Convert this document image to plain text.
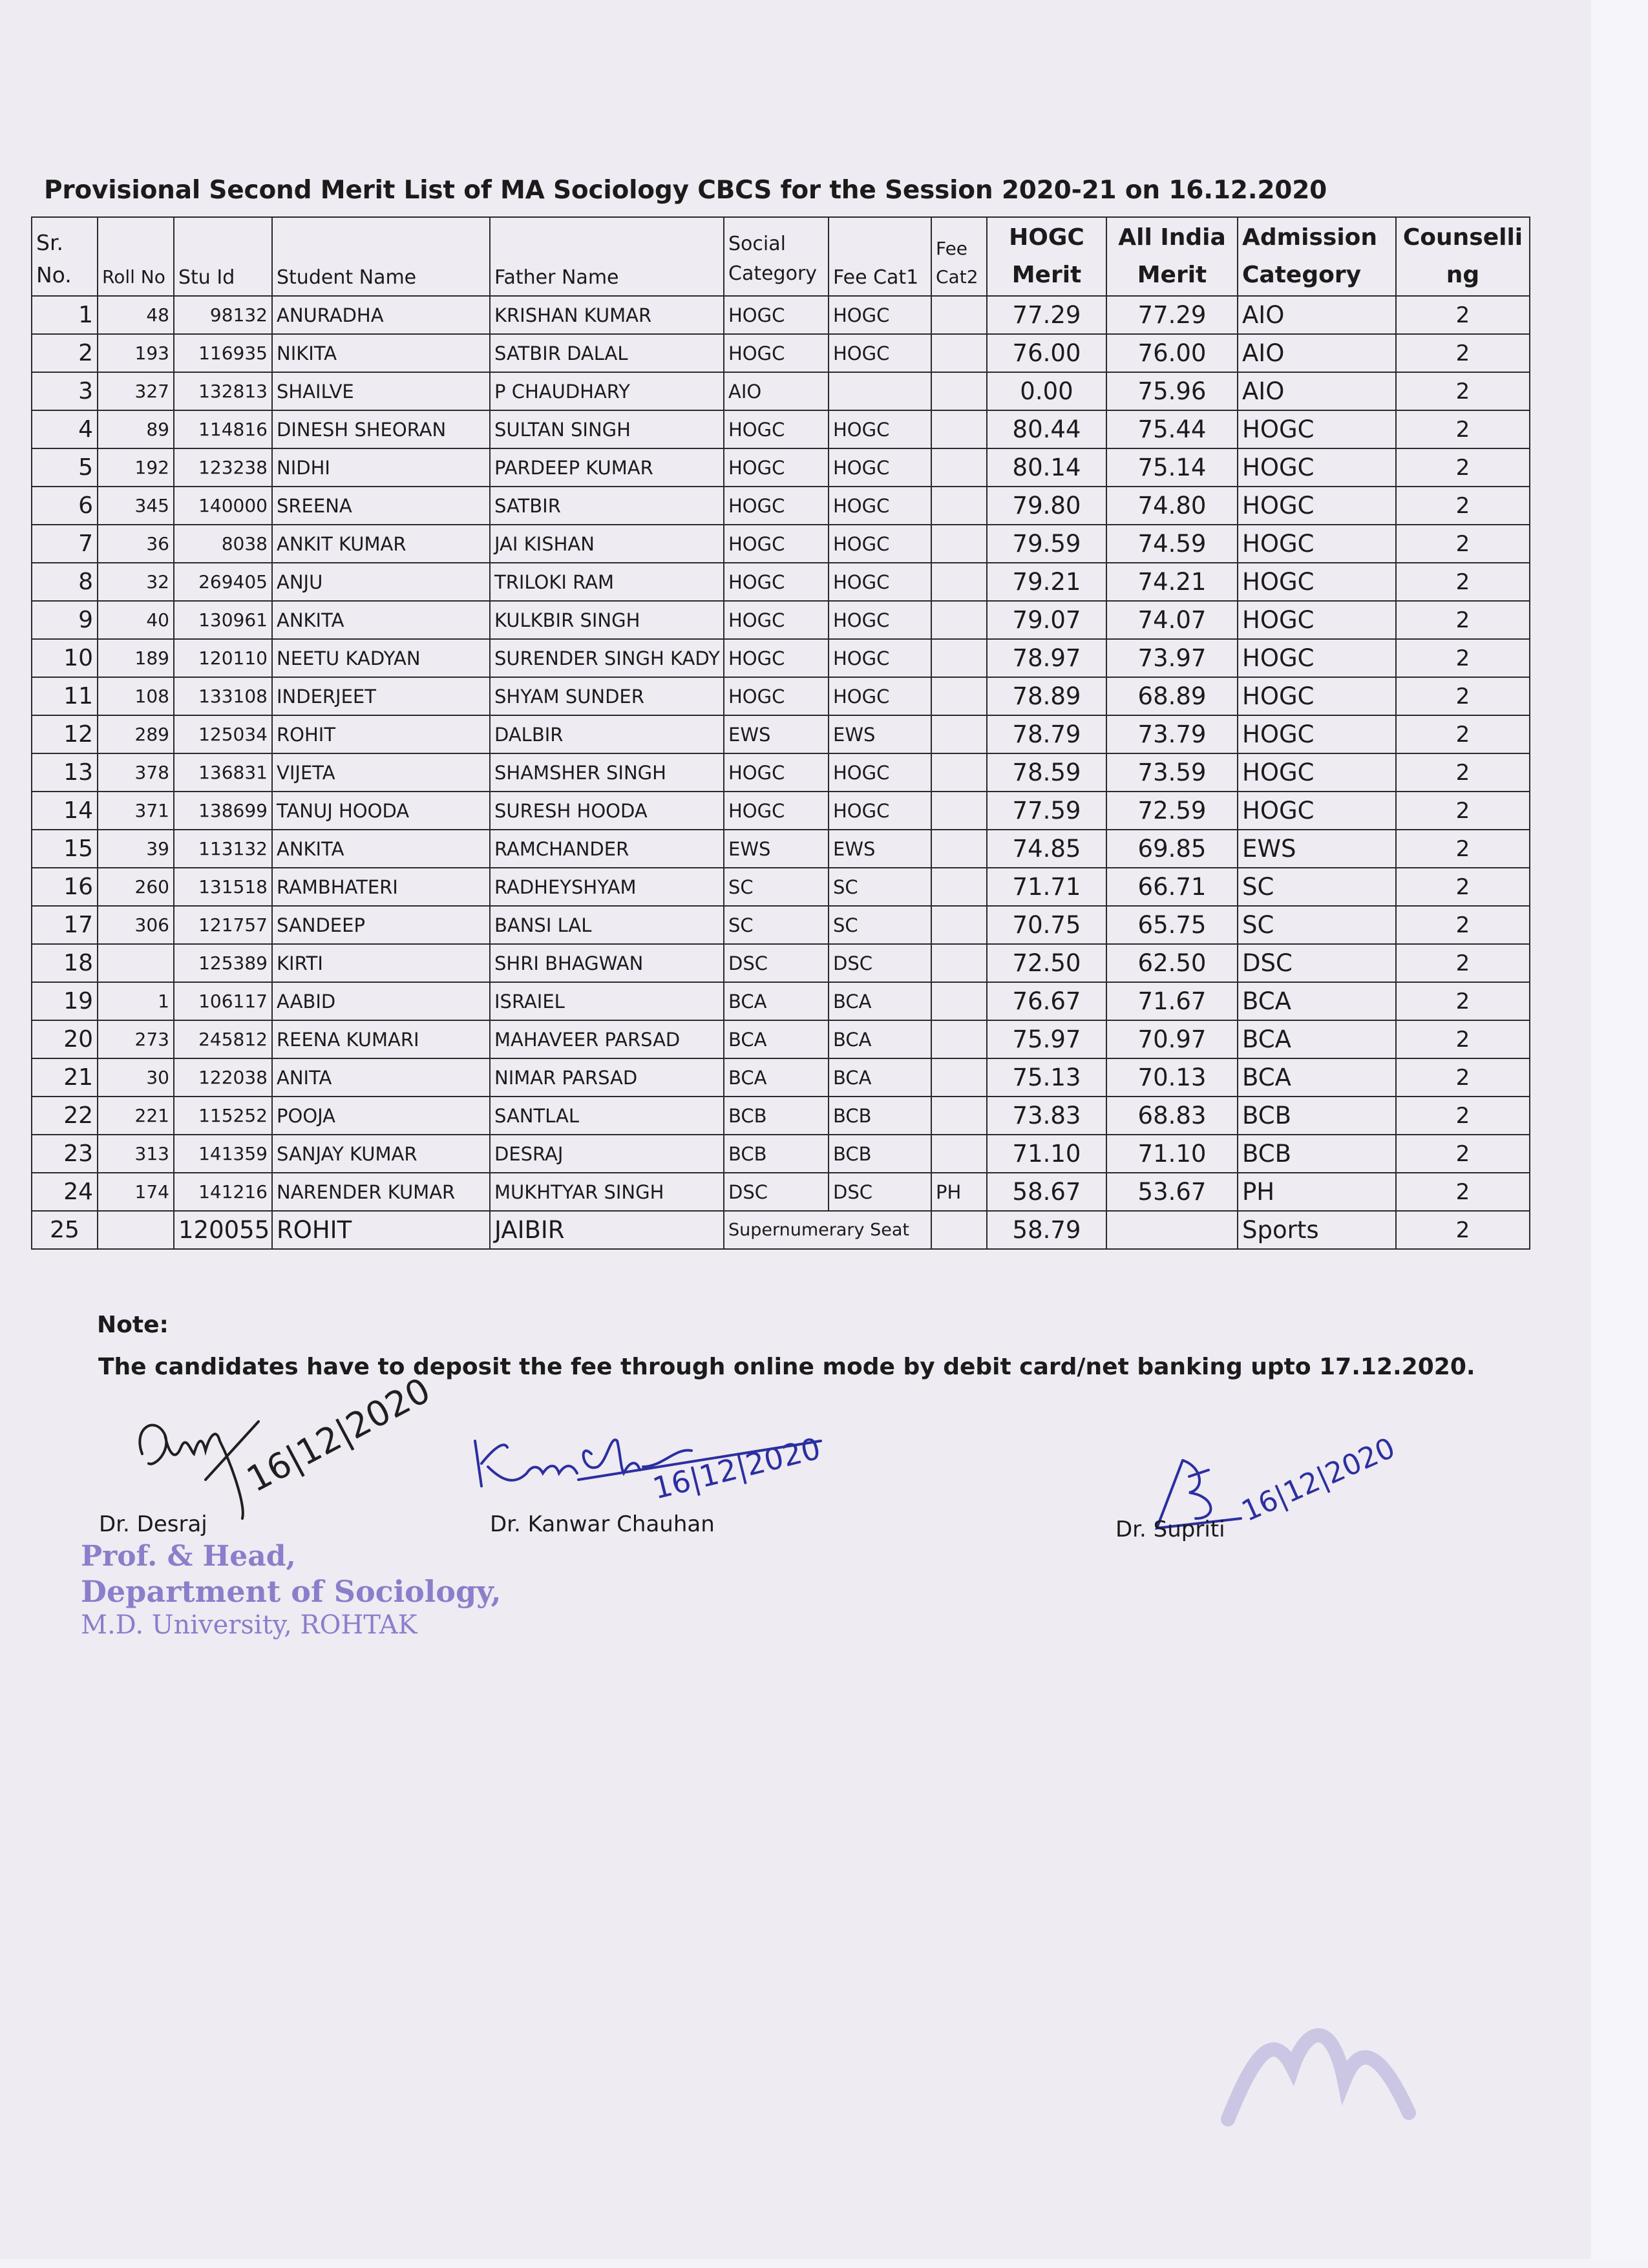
Provisional Second Merit List of MA Sociology CBCS for the Session 2020-21 on 16.12.2020
Sr. No.	Roll No	Stu Id	Student Name	Father Name	Social Category	Fee Cat1	Fee Cat2	HOGC Merit	All India Merit	Admission Category	Counselling
1	48	98132	ANURADHA	KRISHAN KUMAR	HOGC	HOGC		77.29	77.29	AIO	2
2	193	116935	NIKITA	SATBIR DALAL	HOGC	HOGC		76.00	76.00	AIO	2
3	327	132813	SHAILVE	P CHAUDHARY	AIO			0.00	75.96	AIO	2
4	89	114816	DINESH SHEORAN	SULTAN SINGH	HOGC	HOGC		80.44	75.44	HOGC	2
5	192	123238	NIDHI	PARDEEP KUMAR	HOGC	HOGC		80.14	75.14	HOGC	2
6	345	140000	SREENA	SATBIR	HOGC	HOGC		79.80	74.80	HOGC	2
7	36	8038	ANKIT KUMAR	JAI KISHAN	HOGC	HOGC		79.59	74.59	HOGC	2
8	32	269405	ANJU	TRILOKI RAM	HOGC	HOGC		79.21	74.21	HOGC	2
9	40	130961	ANKITA	KULKBIR SINGH	HOGC	HOGC		79.07	74.07	HOGC	2
10	189	120110	NEETU KADYAN	SURENDER SINGH KADY	HOGC	HOGC		78.97	73.97	HOGC	2
11	108	133108	INDERJEET	SHYAM SUNDER	HOGC	HOGC		78.89	68.89	HOGC	2
12	289	125034	ROHIT	DALBIR	EWS	EWS		78.79	73.79	HOGC	2
13	378	136831	VIJETA	SHAMSHER SINGH	HOGC	HOGC		78.59	73.59	HOGC	2
14	371	138699	TANUJ HOODA	SURESH HOODA	HOGC	HOGC		77.59	72.59	HOGC	2
15	39	113132	ANKITA	RAMCHANDER	EWS	EWS		74.85	69.85	EWS	2
16	260	131518	RAMBHATERI	RADHEYSHYAM	SC	SC		71.71	66.71	SC	2
17	306	121757	SANDEEP	BANSI LAL	SC	SC		70.75	65.75	SC	2
18		125389	KIRTI	SHRI BHAGWAN	DSC	DSC		72.50	62.50	DSC	2
19	1	106117	AABID	ISRAIEL	BCA	BCA		76.67	71.67	BCA	2
20	273	245812	REENA KUMARI	MAHAVEER PARSAD	BCA	BCA		75.97	70.97	BCA	2
21	30	122038	ANITA	NIMAR PARSAD	BCA	BCA		75.13	70.13	BCA	2
22	221	115252	POOJA	SANTLAL	BCB	BCB		73.83	68.83	BCB	2
23	313	141359	SANJAY KUMAR	DESRAJ	BCB	BCB		71.10	71.10	BCB	2
24	174	141216	NARENDER KUMAR	MUKHTYAR SINGH	DSC	DSC	PH	58.67	53.67	PH	2
25		120055	ROHIT	JAIBIR	Supernumerary Seat			58.79		Sports	2
Note:
The candidates have to deposit the fee through online mode by debit card/net banking upto 17.12.2020.
16|12|2020
Dr. Desraj
16|12|2020
Dr. Kanwar Chauhan	16|12|2020
Dr. Supriti
Prof. & Head,
Department of Sociology,
M.D. University, ROHTAK
